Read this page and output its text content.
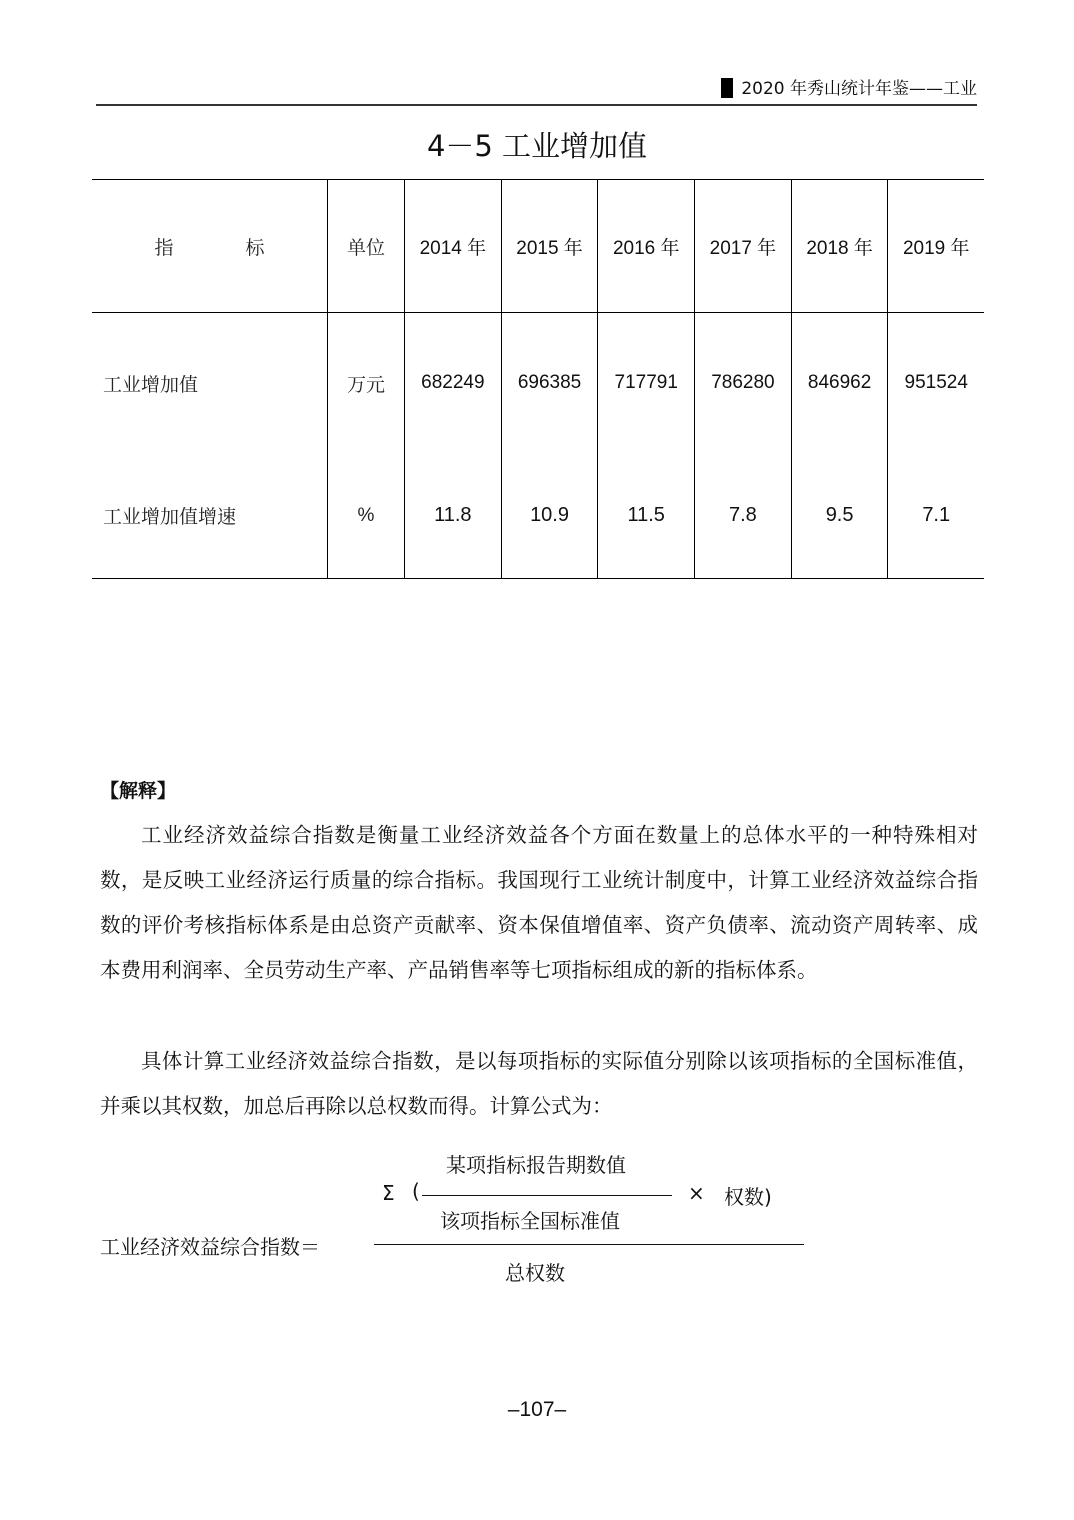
2020 年秀山统计年鉴——工业
4－5 工业增加值
指标	单位	2014 年	2015 年	2016 年	2017 年	2018 年	2019 年
工业增加值	万元	682249	696385	717791	786280	846962	951524
工业增加值增速	%	11.8	10.9	11.5	7.8	9.5	7.1
【解释】

工业经济效益综合指数是衡量工业经济效益各个方面在数量上的总体水平的一种特殊相对数，是反映工业经济运行质量的综合指标。我国现行工业统计制度中，计算工业经济效益综合指数的评价考核指标体系是由总资产贡献率、资本保值增值率、资产负债率、流动资产周转率、成本费用利润率、全员劳动生产率、产品销售率等七项指标组成的新的指标体系。

具体计算工业经济效益综合指数，是以每项指标的实际值分别除以该项指标的全国标准值，并乘以其权数，加总后再除以总权数而得。计算公式为：

某项指标报告期数值
Σ (	× 权数)
该项指标全国标准值
工业经济效益综合指数＝
总权数
–107–
